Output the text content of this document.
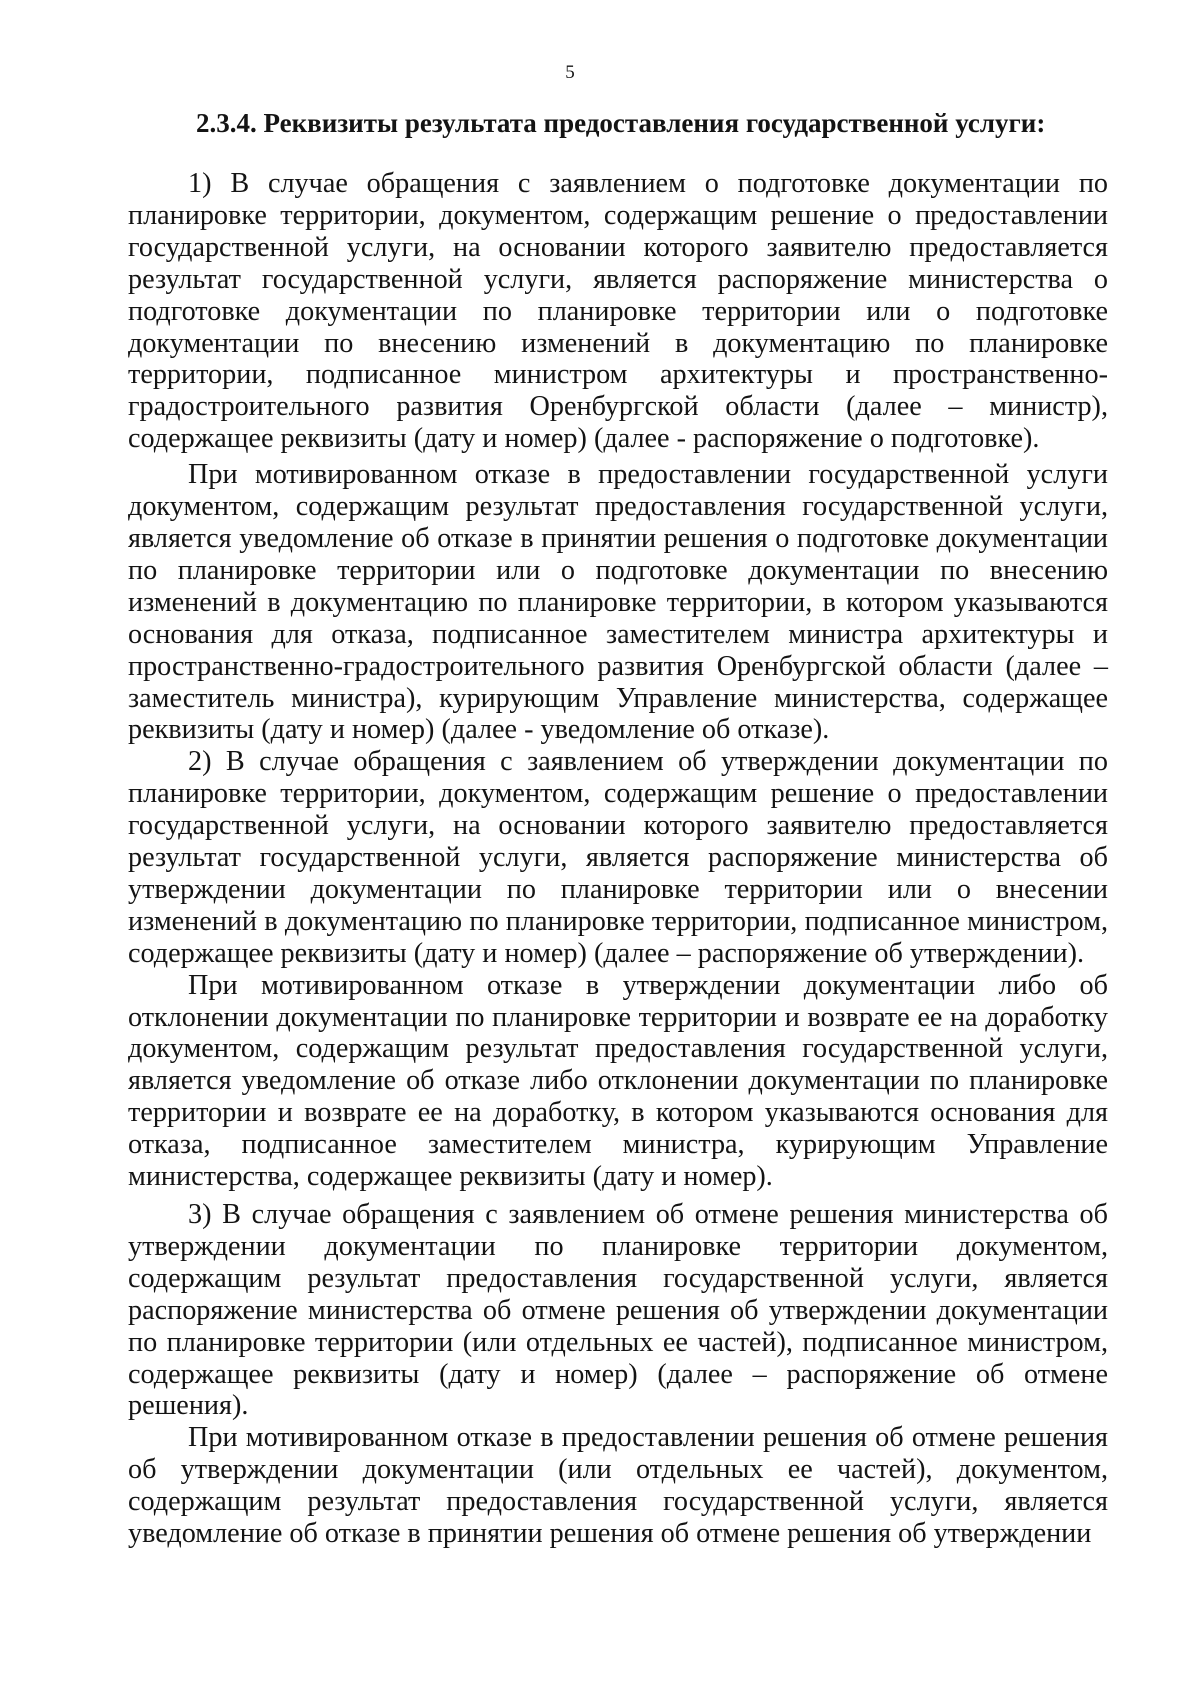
5
2.3.4. Реквизиты результата предоставления государственной услуги:

1) В случае обращения с заявлением о подготовке документации по планировке территории, документом, содержащим решение о предоставлении государственной услуги, на основании которого заявителю предоставляется результат государственной услуги, является распоряжение министерства о подготовке документации по планировке территории или о подготовке документации по внесению изменений в документацию по планировке территории, подписанное министром архитектуры и пространственно-градостроительного развития Оренбургской области (далее – министр), содержащее реквизиты (дату и номер) (далее - распоряжение о подготовке).

При мотивированном отказе в предоставлении государственной услуги документом, содержащим результат предоставления государственной услуги, является уведомление об отказе в принятии решения о подготовке документации по планировке территории или о подготовке документации по внесению изменений в документацию по планировке территории, в котором указываются основания для отказа, подписанное заместителем министра архитектуры и пространственно-градостроительного развития Оренбургской области (далее – заместитель министра), курирующим Управление министерства, содержащее реквизиты (дату и номер) (далее - уведомление об отказе).

2) В случае обращения с заявлением об утверждении документации по планировке территории, документом, содержащим решение о предоставлении государственной услуги, на основании которого заявителю предоставляется результат государственной услуги, является распоряжение министерства об утверждении документации по планировке территории или о внесении изменений в документацию по планировке территории, подписанное министром, содержащее реквизиты (дату и номер) (далее – распоряжение об утверждении).

При мотивированном отказе в утверждении документации либо об отклонении документации по планировке территории и возврате ее на доработку документом, содержащим результат предоставления государственной услуги, является уведомление об отказе либо отклонении документации по планировке территории и возврате ее на доработку, в котором указываются основания для отказа, подписанное заместителем министра, курирующим Управление министерства, содержащее реквизиты (дату и номер).

3) В случае обращения с заявлением об отмене решения министерства об утверждении документации по планировке территории документом, содержащим результат предоставления государственной услуги, является распоряжение министерства об отмене решения об утверждении документации по планировке территории (или отдельных ее частей), подписанное министром, содержащее реквизиты (дату и номер) (далее – распоряжение об отмене решения).

При мотивированном отказе в предоставлении решения об отмене решения об утверждении документации (или отдельных ее частей), документом, содержащим результат предоставления государственной услуги, является уведомление об отказе в принятии решения об отмене решения об утверждении
